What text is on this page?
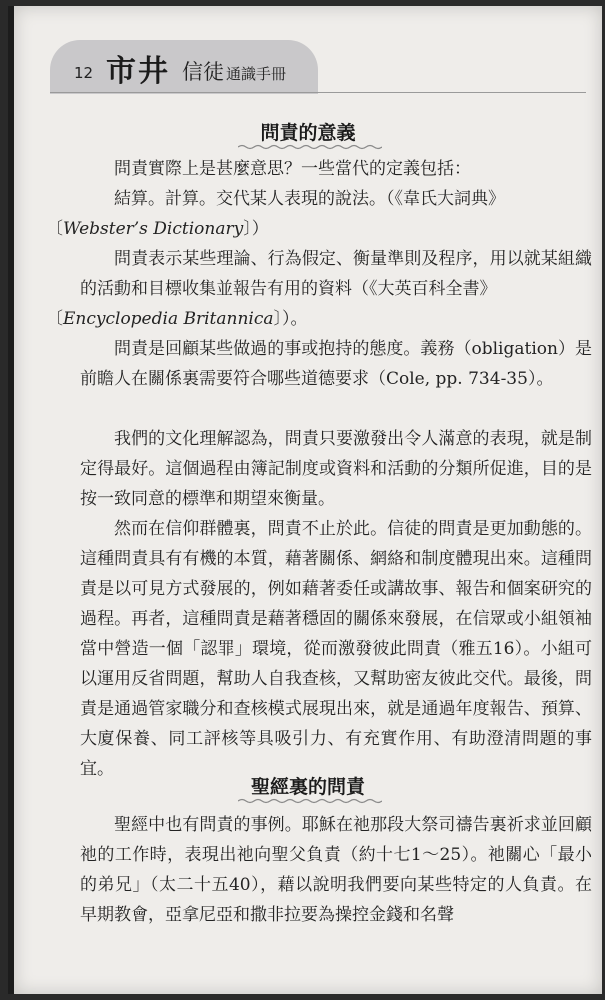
12 市井 信徒 通識手冊
問責的意義

問責實際上是甚麼意思？一些當代的定義包括：

結算。計算。交代某人表現的說法。（《韋氏大詞典》
〔Webster’s Dictionary〕）

問責表示某些理論、行為假定、衡量準則及程序，用以就某組織的活動和目標收集並報告有用的資料（《大英百科全書》
〔Encyclopedia Britannica〕）。

問責是回顧某些做過的事或抱持的態度。義務（obligation）是前瞻人在關係裏需要符合哪些道德要求（Cole, pp. 734-35）。

我們的文化理解認為，問責只要激發出令人滿意的表現，就是制定得最好。這個過程由簿記制度或資料和活動的分類所促進，目的是按一致同意的標準和期望來衡量。

然而在信仰群體裏，問責不止於此。信徒的問責是更加動態的。這種問責具有有機的本質，藉著關係、網絡和制度體現出來。這種問責是以可見方式發展的，例如藉著委任或講故事、報告和個案研究的過程。再者，這種問責是藉著穩固的關係來發展，在信眾或小組領袖當中營造一個「認罪」環境，從而激發彼此問責（雅五16）。小組可以運用反省問題，幫助人自我查核，又幫助密友彼此交代。最後，問責是通過管家職分和查核模式展現出來，就是通過年度報告、預算、大廈保養、同工評核等具吸引力、有充實作用、有助澄清問題的事宜。

聖經裏的問責

聖經中也有問責的事例。耶穌在祂那段大祭司禱告裏祈求並回顧祂的工作時，表現出祂向聖父負責（約十七1～25）。祂關心「最小的弟兄」（太二十五40），藉以說明我們要向某些特定的人負責。在早期教會，亞拿尼亞和撒非拉要為操控金錢和名聲
